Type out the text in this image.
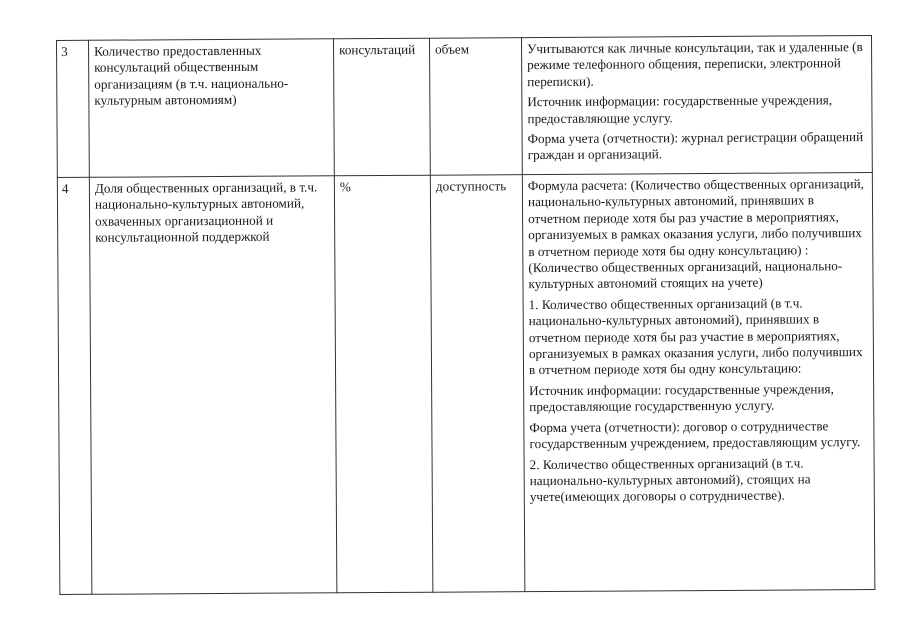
3	Количество предоставленных консультаций общественным организациям (в т.ч. национально-культурным автономиям)	консультаций	объем	Учитываются как личные консультации, так и удаленные (в режиме телефонного общения, переписки, электронной переписки).

Источник информации: государственные учреждения, предоставляющие услугу.

Форма учета (отчетности): журнал регистрации обращений граждан и организаций.

4	Доля общественных организаций, в т.ч. национально-культурных автономий, охваченных организационной и консультационной поддержкой	%	доступность	Формула расчета: (Количество общественных организаций, национально-культурных автономий, принявших в отчетном периоде хотя бы раз участие в мероприятиях, организуемых в рамках оказания услуги, либо получивших в отчетном периоде хотя бы одну консультацию) : (Количество общественных организаций, национально-культурных автономий стоящих на учете)

1. Количество общественных организаций (в т.ч. национально-культурных автономий), принявших в отчетном периоде хотя бы раз участие в мероприятиях, организуемых в рамках оказания услуги, либо получивших в отчетном периоде хотя бы одну консультацию:

Источник информации: государственные учреждения, предоставляющие государственную услугу.

Форма учета (отчетности): договор о сотрудничестве государственным учреждением, предоставляющим услугу.

2. Количество общественных организаций (в т.ч. национально-культурных автономий), стоящих на учете(имеющих договоры о сотрудничестве).
